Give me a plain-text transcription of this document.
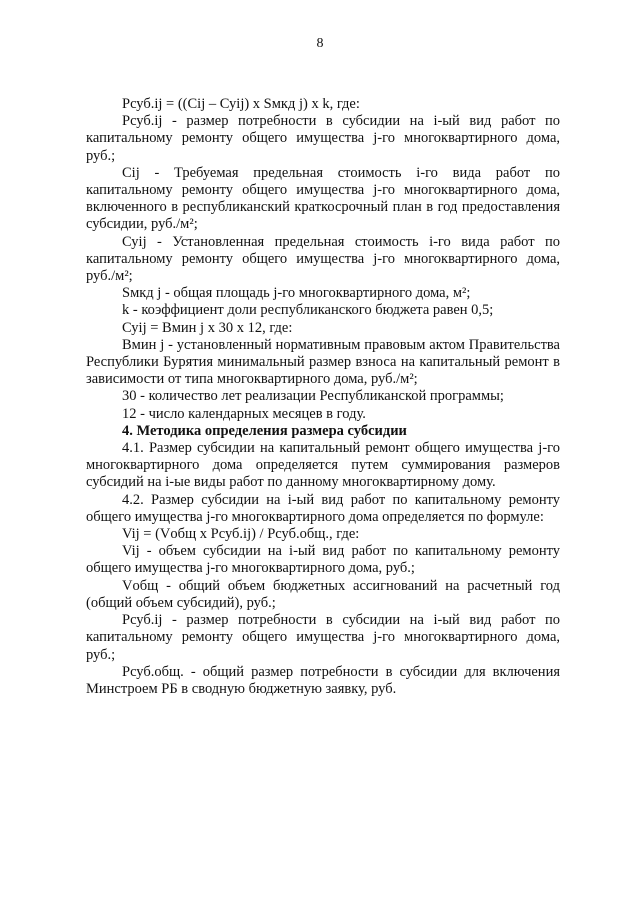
8

Рсуб.ij = ((Сij – Суij) х Sмкд j) х k, где:

Рсуб.ij - размер потребности в субсидии на i-ый вид работ по капитальному ремонту общего имущества j-го многоквартирного дома, руб.;

Сij - Требуемая предельная стоимость i-го вида работ по капитальному ремонту общего имущества j-го многоквартирного дома, включенного в республиканский краткосрочный план в год предоставления субсидии, руб./м²;

Суij - Установленная предельная стоимость i-го вида работ по капитальному ремонту общего имущества j-го многоквартирного дома, руб./м²;

Sмкд j - общая площадь j-го многоквартирного дома, м²;

k - коэффициент доли республиканского бюджета равен 0,5;

Суij = Вмин j х 30 х 12, где:

Вмин j - установленный нормативным правовым актом Правительства Республики Бурятия минимальный размер взноса на капитальный ремонт в зависимости от типа многоквартирного дома, руб./м²;

30 - количество лет реализации Республиканской программы;

12 - число календарных месяцев в году.

4. Методика определения размера субсидии

4.1. Размер субсидии на капитальный ремонт общего имущества j-го многоквартирного дома определяется путем суммирования размеров субсидий на i-ые виды работ по данному многоквартирному дому.

4.2. Размер субсидии на i-ый вид работ по капитальному ремонту общего имущества j-го многоквартирного дома определяется по формуле:

Vij = (Vобщ х Рсуб.ij) / Рсуб.общ., где:

Vij - объем субсидии на i-ый вид работ по капитальному ремонту общего имущества j-го многоквартирного дома, руб.;

Vобщ - общий объем бюджетных ассигнований на расчетный год (общий объем субсидий), руб.;

Рсуб.ij - размер потребности в субсидии на i-ый вид работ по капитальному ремонту общего имущества j-го многоквартирного дома, руб.;

Рсуб.общ. - общий размер потребности в субсидии для включения Минстроем РБ в сводную бюджетную заявку, руб.
